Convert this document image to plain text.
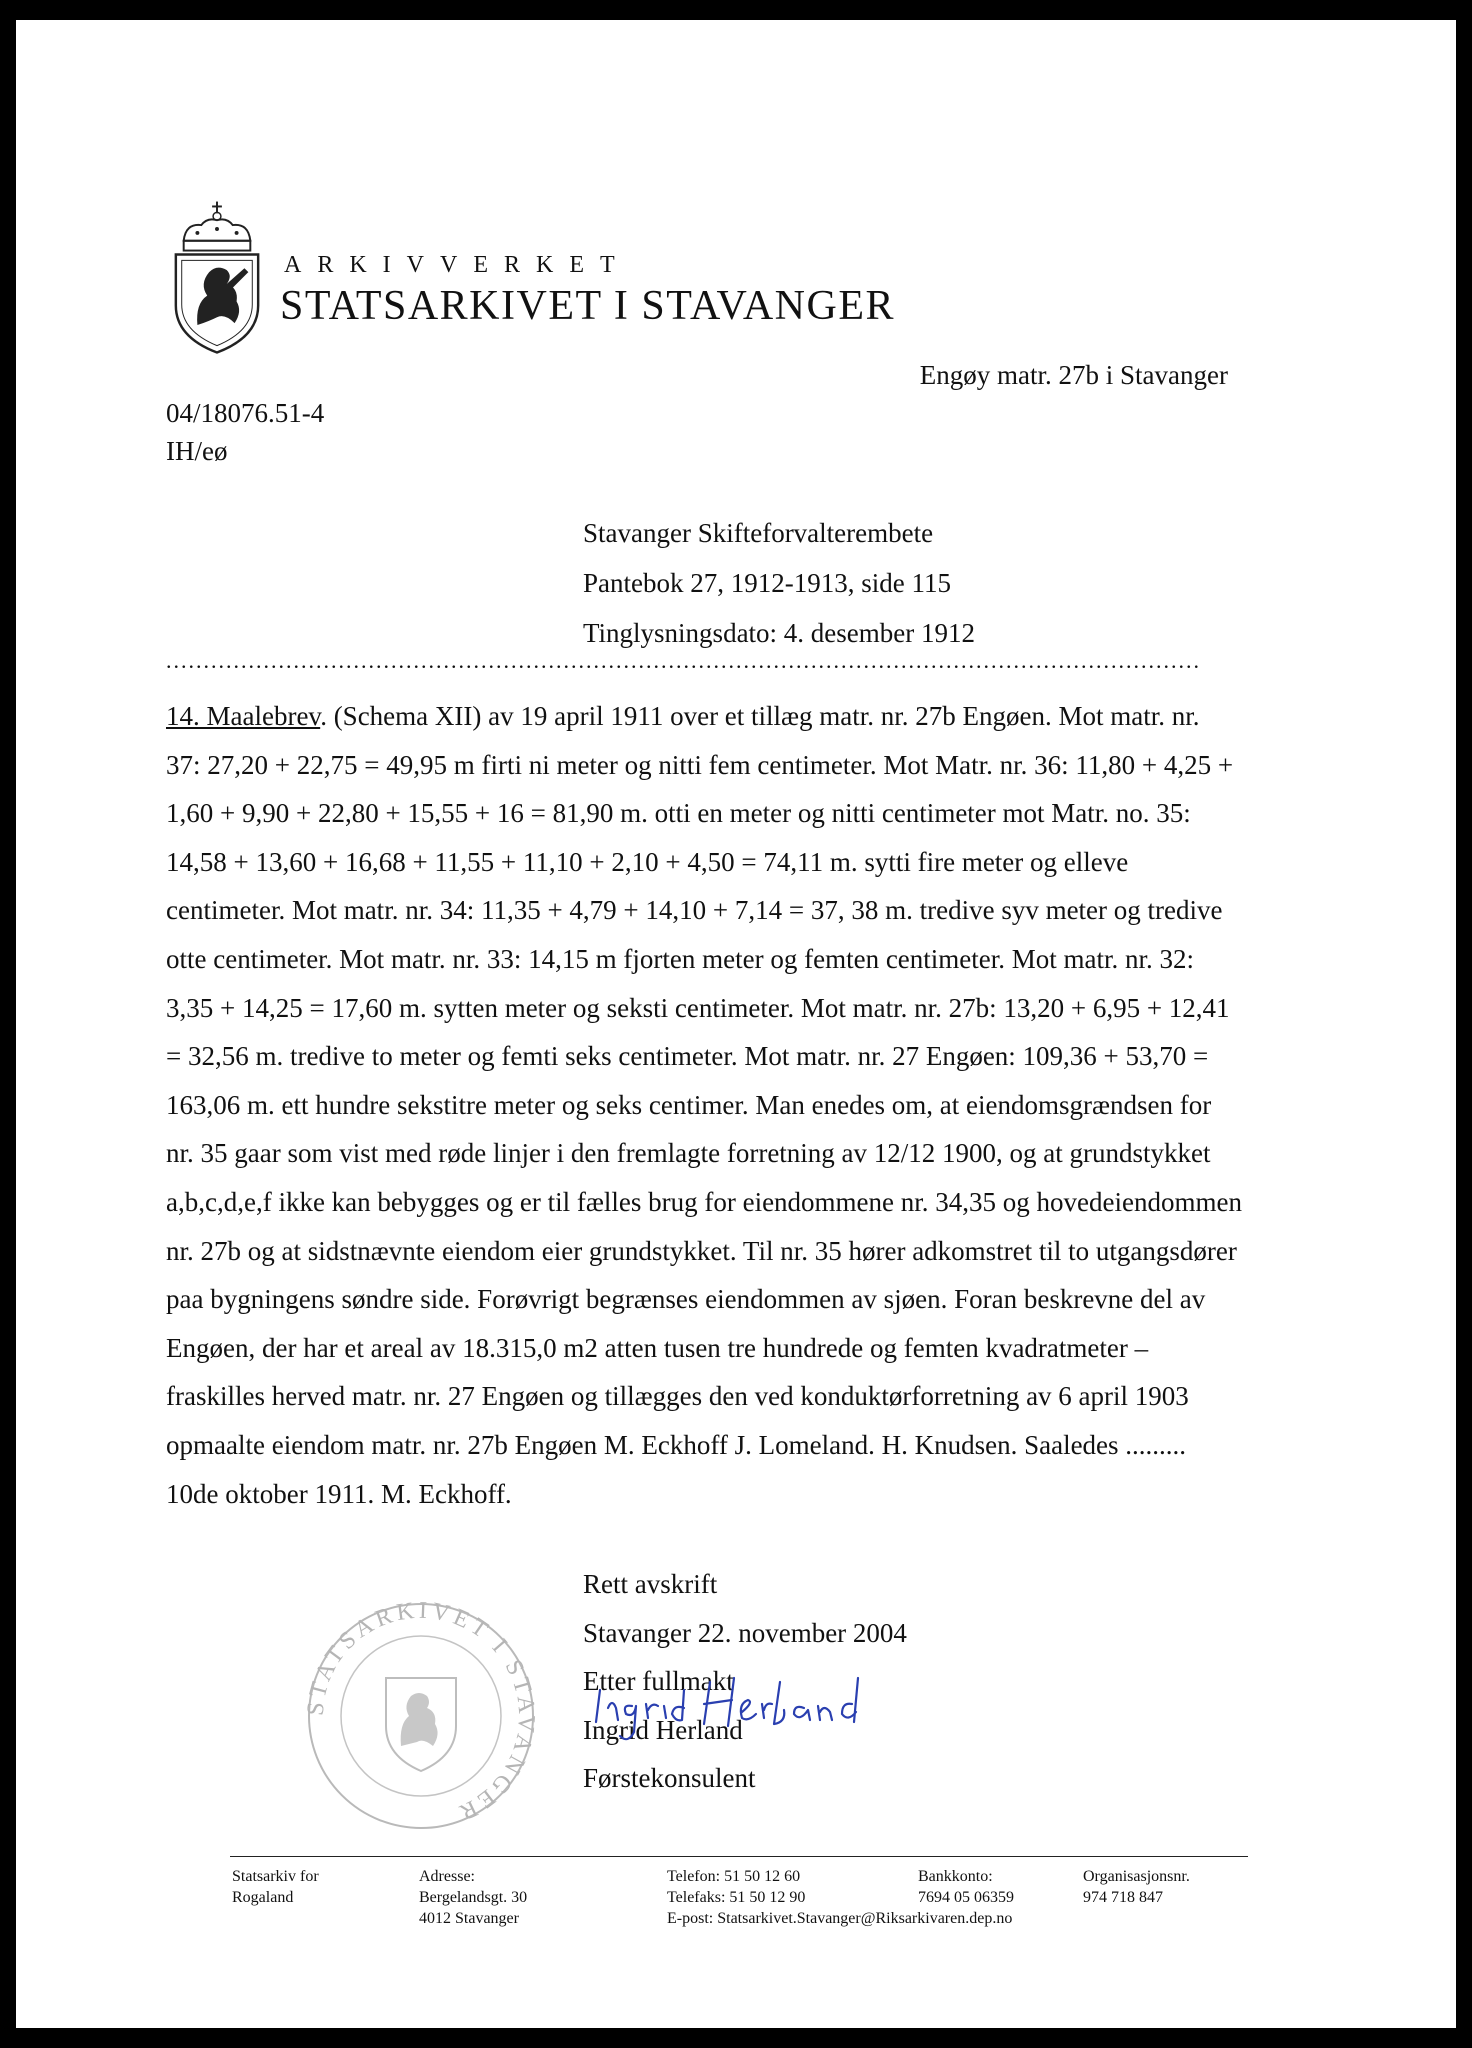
ARKIVVERKET
STATSARKIVET I STAVANGER
Engøy matr. 27b i Stavanger
04/18076.51-4
IH/eø
Stavanger Skifteforvalterembete
Pantebok 27, 1912-1913, side 115
Tinglysningsdato: 4. desember 1912
..........................................................................................................................................

14. Maalebrev. (Schema XII) av 19 april 1911 over et tillæg matr. nr. 27b Engøen. Mot matr. nr.

37: 27,20 + 22,75 = 49,95 m firti ni meter og nitti fem centimeter. Mot Matr. nr. 36: 11,80 + 4,25 +

1,60 + 9,90 + 22,80 + 15,55 + 16 = 81,90 m. otti en meter og nitti centimeter mot Matr. no. 35:

14,58 + 13,60 + 16,68 + 11,55 + 11,10 + 2,10 + 4,50 = 74,11 m. sytti fire meter og elleve

centimeter. Mot matr. nr. 34: 11,35 + 4,79 + 14,10 + 7,14 = 37, 38 m. tredive syv meter og tredive

otte centimeter. Mot matr. nr. 33: 14,15 m fjorten meter og femten centimeter. Mot matr. nr. 32:

3,35 + 14,25 = 17,60 m. sytten meter og seksti centimeter. Mot matr. nr. 27b: 13,20 + 6,95 + 12,41

= 32,56 m. tredive to meter og femti seks centimeter. Mot matr. nr. 27 Engøen: 109,36 + 53,70 =

163,06 m. ett hundre sekstitre meter og seks centimer. Man enedes om, at eiendomsgrændsen for

nr. 35 gaar som vist med røde linjer i den fremlagte forretning av 12/12 1900, og at grundstykket

a,b,c,d,e,f ikke kan bebygges og er til fælles brug for eiendommene nr. 34,35 og hovedeiendommen

nr. 27b og at sidstnævnte eiendom eier grundstykket. Til nr. 35 hører adkomstret til to utgangsdører

paa bygningens søndre side. Forøvrigt begrænses eiendommen av sjøen. Foran beskrevne del av

Engøen, der har et areal av 18.315,0 m2 atten tusen tre hundrede og femten kvadratmeter –

fraskilles herved matr. nr. 27 Engøen og tillægges den ved konduktørforretning av 6 april 1903

opmaalte eiendom matr. nr. 27b Engøen M. Eckhoff J. Lomeland. H. Knudsen. Saaledes .........

10de oktober 1911. M. Eckhoff.

STATSARKIVET I STAVANGER
Rett avskrift
Stavanger 22. november 2004
Etter fullmakt
Ingrid Herland
Førstekonsulent
Statsarkiv for
Rogaland
Adresse:
Bergelandsgt. 30
4012 Stavanger
Telefon: 51 50 12 60
Telefaks: 51 50 12 90
E-post: Statsarkivet.Stavanger@Riksarkivaren.dep.no
Bankkonto:
7694 05 06359
Organisasjonsnr.
974 718 847
